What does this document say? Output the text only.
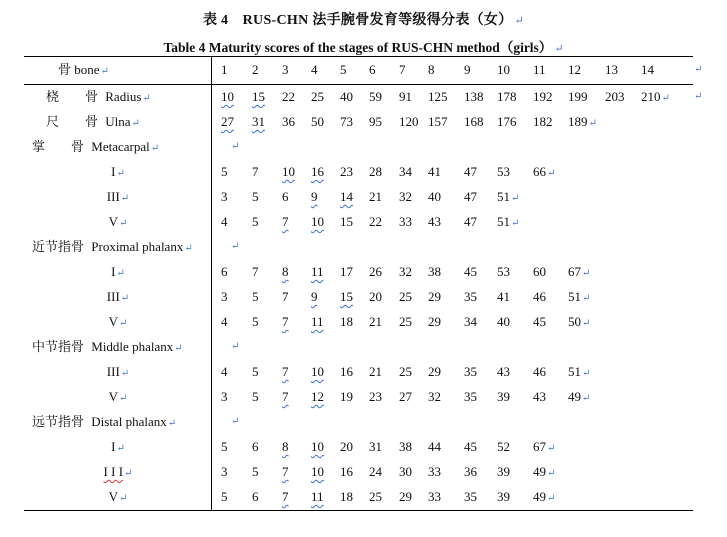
表 4　RUS-CHN 法手腕骨发育等级得分表（女） ↵
Table 4 Maturity scores of the stages of RUS-CHN method（girls） ↵
骨 bone↵	1 2 3 4 5 6 7 8 9 10 11 12 13 14	↵
桡　　骨 Radius↵	10 15 22 25 40 59 91 125 138 178 192 199 203 210↵ ↵
尺　　骨 Ulna↵	27 31 36 50 73 95 120 157 168 176 182 189↵
掌　　骨 Metacarpal↵	↵
I↵	5 7 10 16 23 28 34 41 47 53 66↵
III↵	3 5 6 9 14 21 32 40 47 51↵
V↵	4 5 7 10 15 22 33 43 47 51↵
近节指骨 Proximal phalanx↵	↵
I↵	6 7 8 11 17 26 32 38 45 53 60 67↵
III↵	3 5 7 9 15 20 25 29 35 41 46 51↵
V↵	4 5 7 11 18 21 25 29 34 40 45 50↵
中节指骨 Middle phalanx↵	↵
III↵	4 5 7 10 16 21 25 29 35 43 46 51↵
V↵	3 5 7 12 19 23 27 32 35 39 43 49↵
远节指骨 Distal phalanx↵	↵
I↵	5 6 8 10 20 31 38 44 45 52 67↵
I I I↵	3 5 7 10 16 24 30 33 36 39 49↵
V↵	5 6 7 11 18 25 29 33 35 39 49↵
